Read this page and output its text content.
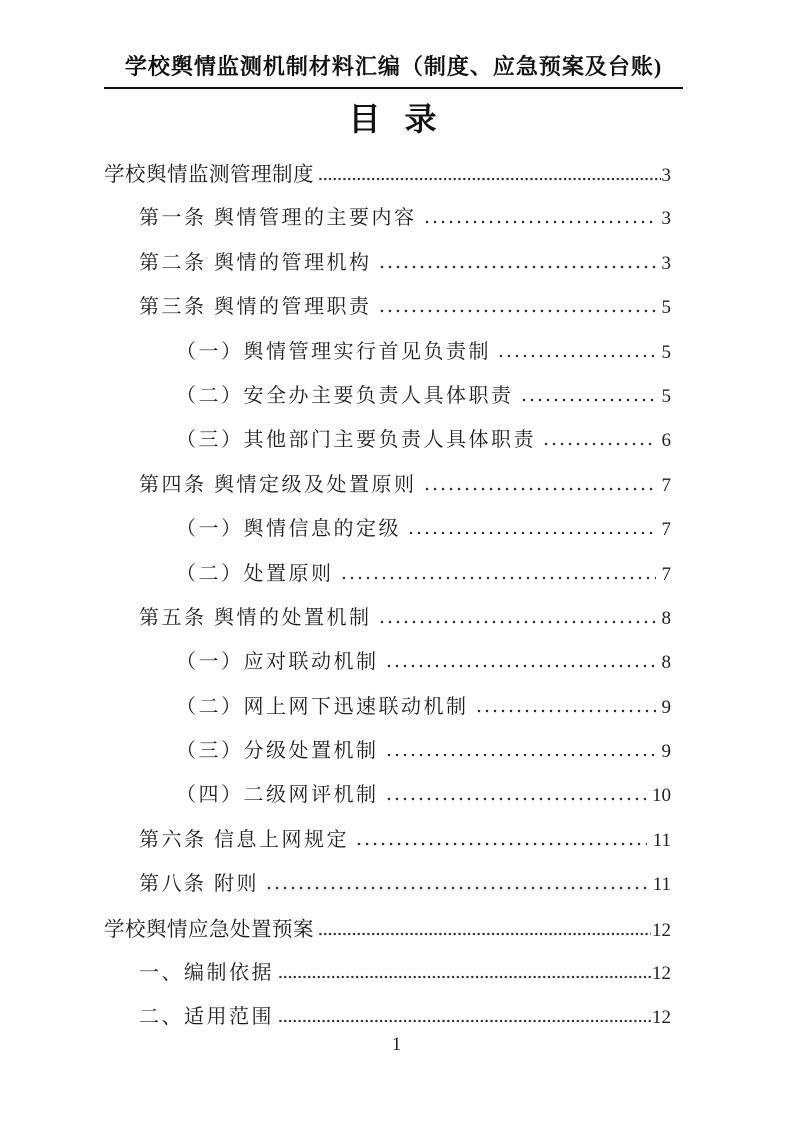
学校舆情监测机制材料汇编（制度、应急预案及台账)
目 录
学校舆情监测管理制度	3
第一条 舆情管理的主要内容	3
第二条 舆情的管理机构	3
第三条 舆情的管理职责	5
（一）舆情管理实行首见负责制	5
（二）安全办主要负责人具体职责	5
（三）其他部门主要负责人具体职责	6
第四条 舆情定级及处置原则	7
（一）舆情信息的定级	7
（二）处置原则	7
第五条 舆情的处置机制	8
（一）应对联动机制	8
（二）网上网下迅速联动机制	9
（三）分级处置机制	9
（四）二级网评机制	10
第六条 信息上网规定	11
第八条 附则	11
学校舆情应急处置预案	12
一、编制依据	12
二、适用范围	12
1
